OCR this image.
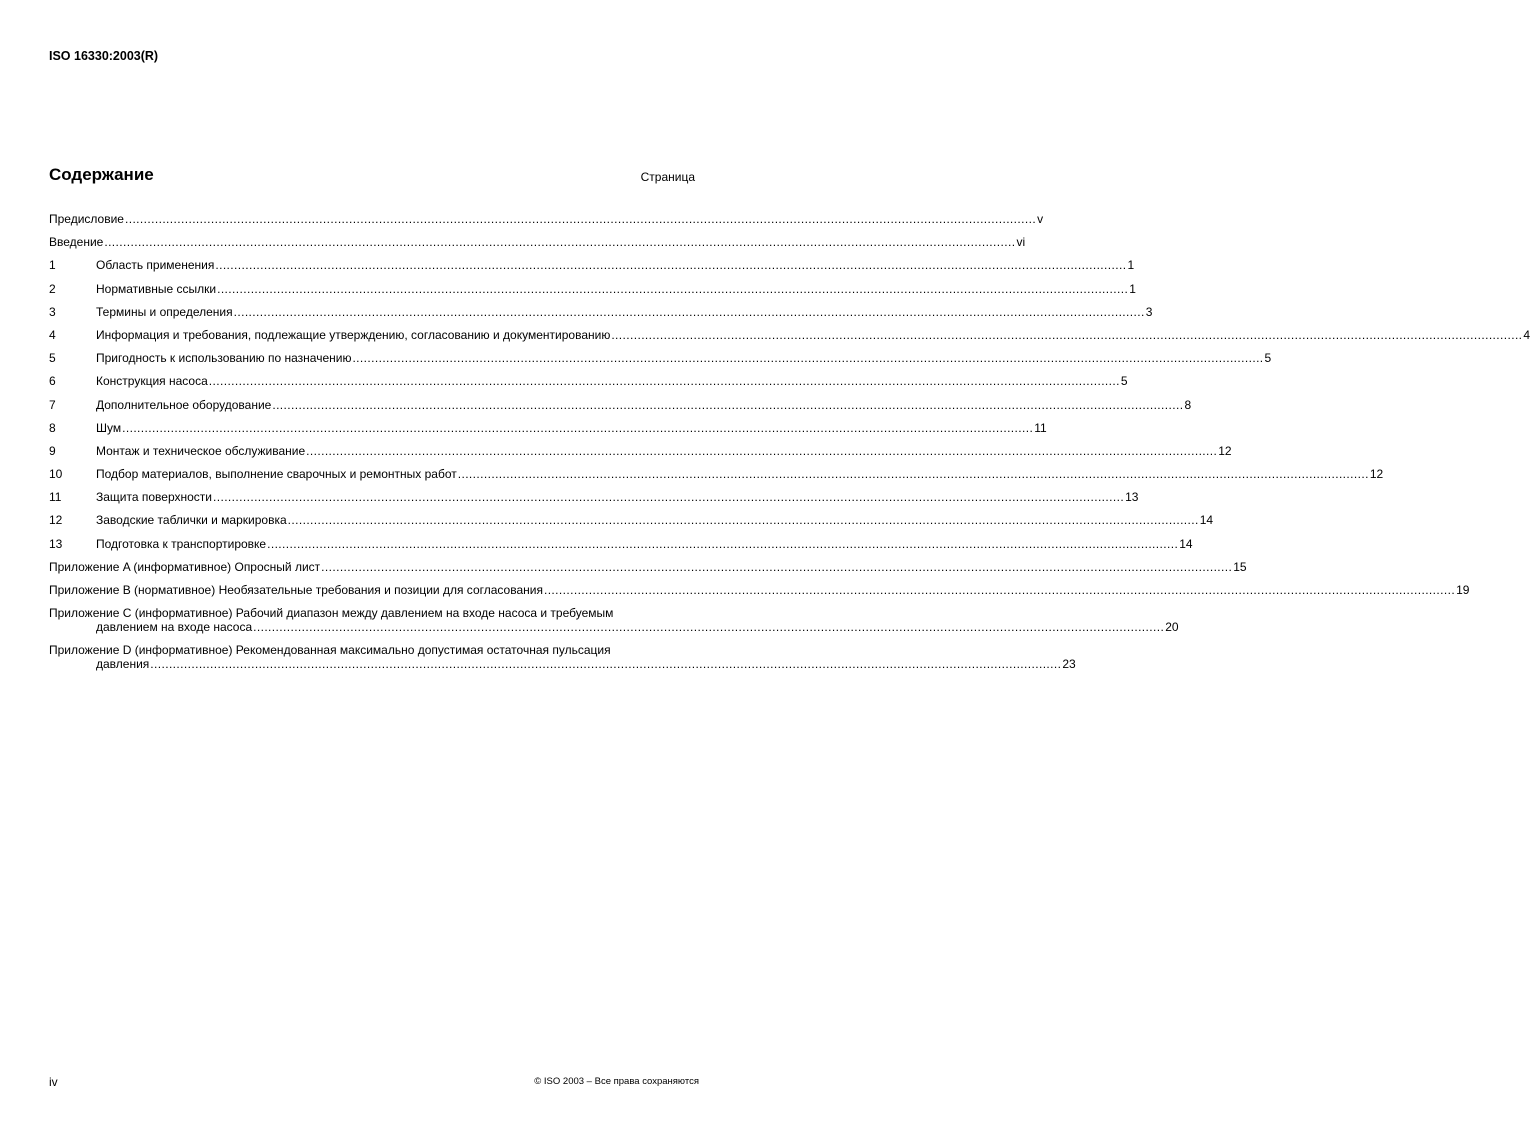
ISO 16330:2003(R)
Содержание	Страница
Предисловие .................................................................................................................................................................................................................................................... v
Введение .................................................................................................................................................................................................................................................... vi
1	Область применения .................................................................................................................................................................................................................................................... 1
2	Нормативные ссылки .................................................................................................................................................................................................................................................... 1
3	Термины и определения .................................................................................................................................................................................................................................................... 3
4	Информация и требования, подлежащие утверждению, согласованию и документированию .................................................................................................................................................................................................................................................... 4
5	Пригодность к использованию по назначению .................................................................................................................................................................................................................................................... 5
6	Конструкция насоса .................................................................................................................................................................................................................................................... 5
7	Дополнительное оборудование .................................................................................................................................................................................................................................................... 8
8	Шум .................................................................................................................................................................................................................................................... 11
9	Монтаж и техническое обслуживание .................................................................................................................................................................................................................................................... 12
10	Подбор материалов, выполнение сварочных и ремонтных работ .................................................................................................................................................................................................................................................... 12
11	Защита поверхности .................................................................................................................................................................................................................................................... 13
12	Заводские таблички и маркировка .................................................................................................................................................................................................................................................... 14
13	Подготовка к транспортировке .................................................................................................................................................................................................................................................... 14
Приложение A (информативное) Опросный лист .................................................................................................................................................................................................................................................... 15
Приложение B (нормативное) Необязательные требования и позиции для согласования .................................................................................................................................................................................................................................................... 19
Приложение C (информативное) Рабочий диапазон между давлением на входе насоса и требуемым
давлением на входе насоса .................................................................................................................................................................................................................................................... 20
Приложение D (информативное) Рекомендованная максимально допустимая остаточная пульсация
давления .................................................................................................................................................................................................................................................... 23
iv	© ISO 2003 – Все права сохраняются
